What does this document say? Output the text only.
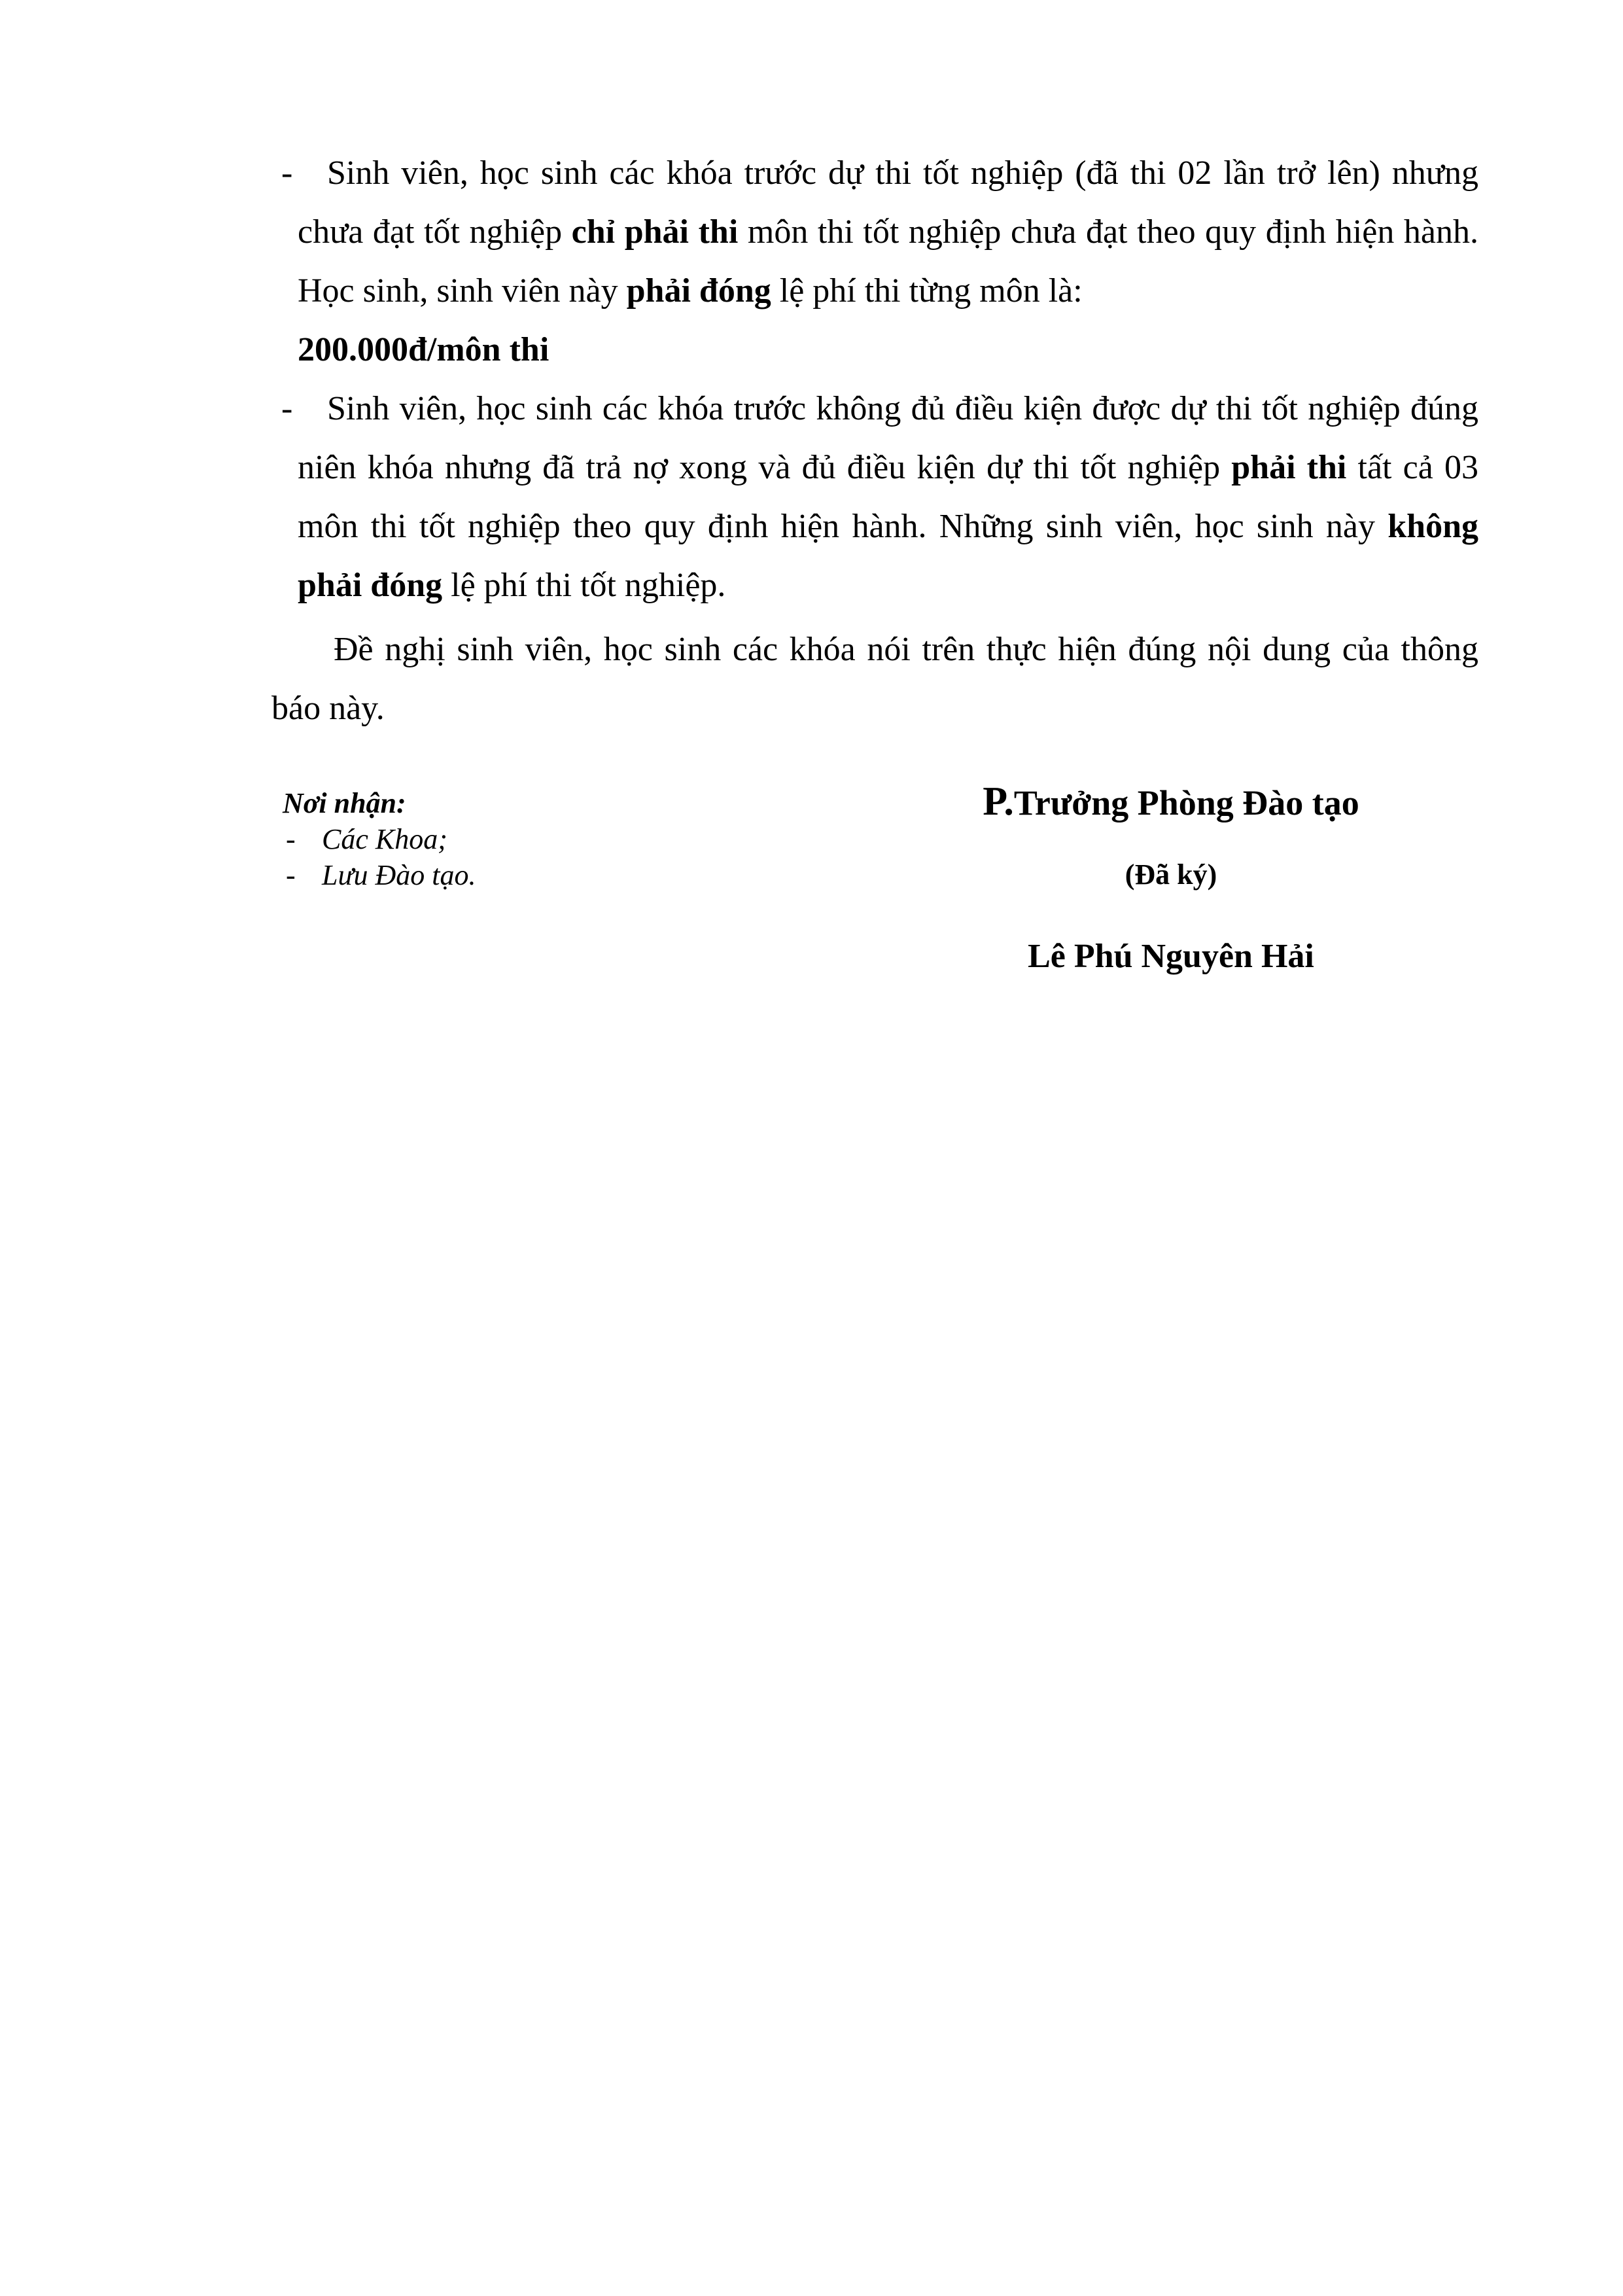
-	Sinh viên, học sinh các khóa trước dự thi tốt nghiệp (đã thi 02 lần trở lên) nhưng chưa đạt tốt nghiệp chỉ phải thi môn thi tốt nghiệp chưa đạt theo quy định hiện hành. Học sinh, sinh viên này phải đóng lệ phí thi từng môn là:
200.000đ/môn thi

-	Sinh viên, học sinh các khóa trước không đủ điều kiện được dự thi tốt nghiệp đúng niên khóa nhưng đã trả nợ xong và đủ điều kiện dự thi tốt nghiệp phải thi tất cả 03 môn thi tốt nghiệp theo quy định hiện hành. Những sinh viên, học sinh này không phải đóng lệ phí thi tốt nghiệp.

Đề nghị sinh viên, học sinh các khóa nói trên thực hiện đúng nội dung của thông báo này.

Nơi nhận:
- Các Khoa;
- Lưu Đào tạo.
P.Trưởng Phòng Đào tạo
(Đã ký)
Lê Phú Nguyên Hải
